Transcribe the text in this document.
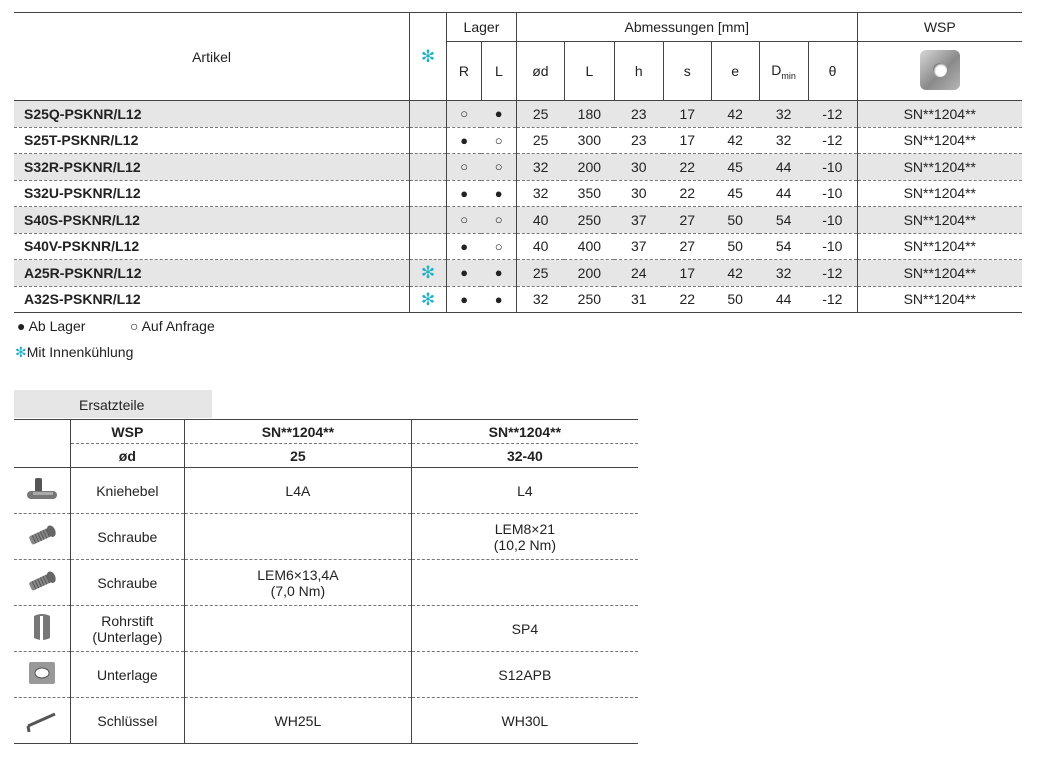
Artikel	✻	Lager		Abmessungen [mm]							WSP
		R	L	ød	L	h	s	e	$D_{min}$	θ	
S25Q-PSKNR/L12		○	●	25	180	23	17	42	32	-12	SN**1204**
S25T-PSKNR/L12		●	○	25	300	23	17	42	32	-12	SN**1204**
S32R-PSKNR/L12		○	○	32	200	30	22	45	44	-10	SN**1204**
S32U-PSKNR/L12		●	●	32	350	30	22	45	44	-10	SN**1204**
S40S-PSKNR/L12		○	○	40	250	37	27	50	54	-10	SN**1204**
S40V-PSKNR/L12		●	○	40	400	37	27	50	54	-10	SN**1204**
A25R-PSKNR/L12	✻	●	●	25	200	24	17	42	32	-12	SN**1204**
A32S-PSKNR/L12	✻	●	●	32	250	31	22	50	44	-12	SN**1204**
● Ab Lager	○ Auf Anfrage
✻Mit Innenkühlung
Ersatzteile
	WSP	SN**1204**	SN**1204**
	ød	25	32-40
	Kniehebel	L4A	L4
	Schraube		LEM8×21
(10,2 Nm)
	Schraube	LEM6×13,4A
(7,0 Nm)	
	Rohrstift
(Unterlage)		SP4
	Unterlage		S12APB
	Schlüssel	WH25L	WH30L
